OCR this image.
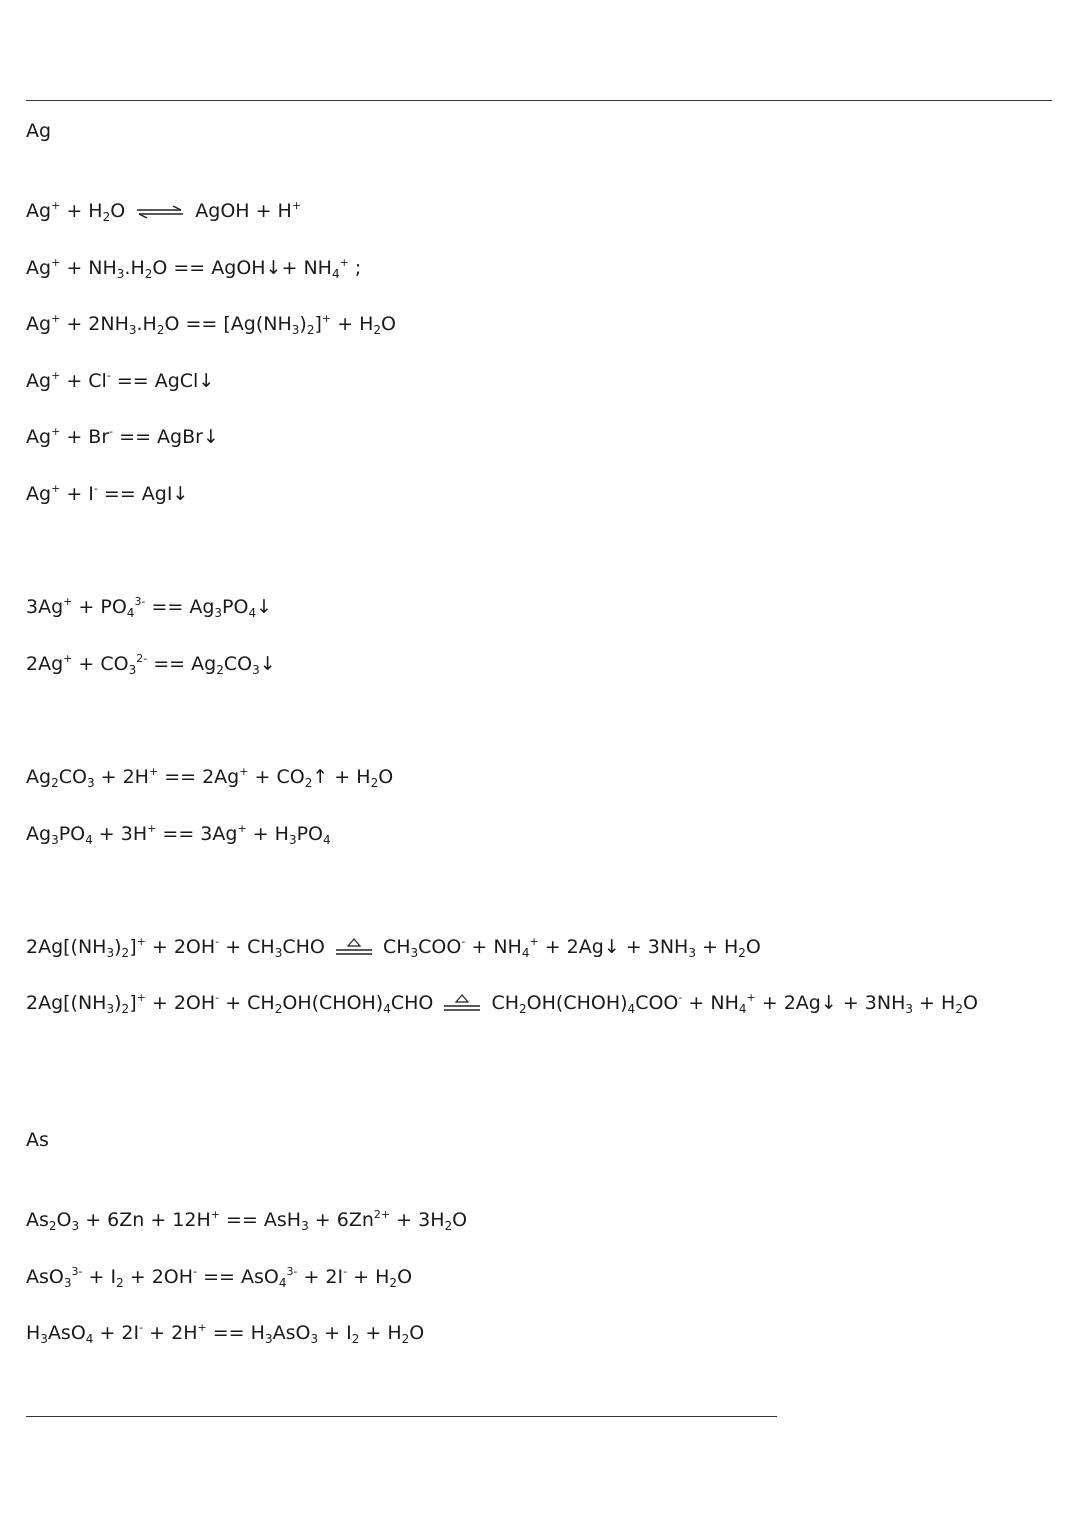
Ag
$Ag^+ + H_2O$ ⇌ AgOH + H+
$Ag^+ + NH_3.H_2O$ == AgOH↓+ $NH_4^+$ ;
$Ag^+ + 2NH_3.H_2O == [Ag(NH_3)_2]^+ + H_2O$
Ag+ + Cl- == AgCl↓
Ag+ + Br- == AgBr↓
Ag+ + I- == AgI↓
$3Ag^+ + PO_4^{3-}$ == $Ag_3PO_4↓$
$2Ag^+ + CO_3^{2-}$ == $Ag_2CO_3↓$
$Ag_2CO_3 + 2H^+ == 2Ag^+$ + $CO_2↑ + H_2O$
$Ag_3PO_4 + 3H^+ == 3Ag^+ + H_3PO_4$
$2Ag[(NH_3)_2]^+ + 2OH^- + CH_3CHO$  $CH_3COO^- + NH_4^+$ + 2Ag↓ + $3NH_3 + H_2O$
$2Ag[(NH_3)_2]^+ + 2OH^-$ + $CH_2OH(CHOH)_4CHO$  $CH_2OH(CHOH)_4COO^- + NH_4^+$ + 2Ag↓ + $3NH_3 + H_2O$
As
$As_2O_3 + 6Zn + 12H^+ == AsH_3 + 6Zn^{2+} + 3H_2O$
$AsO_3^{3-} + I_2 + 2OH^- == AsO_4^{3-} + 2I^- + H_2O$
$H_3AsO_4 + 2I^- + 2H^+ == H_3AsO_3 + I_2 + H_2O$
